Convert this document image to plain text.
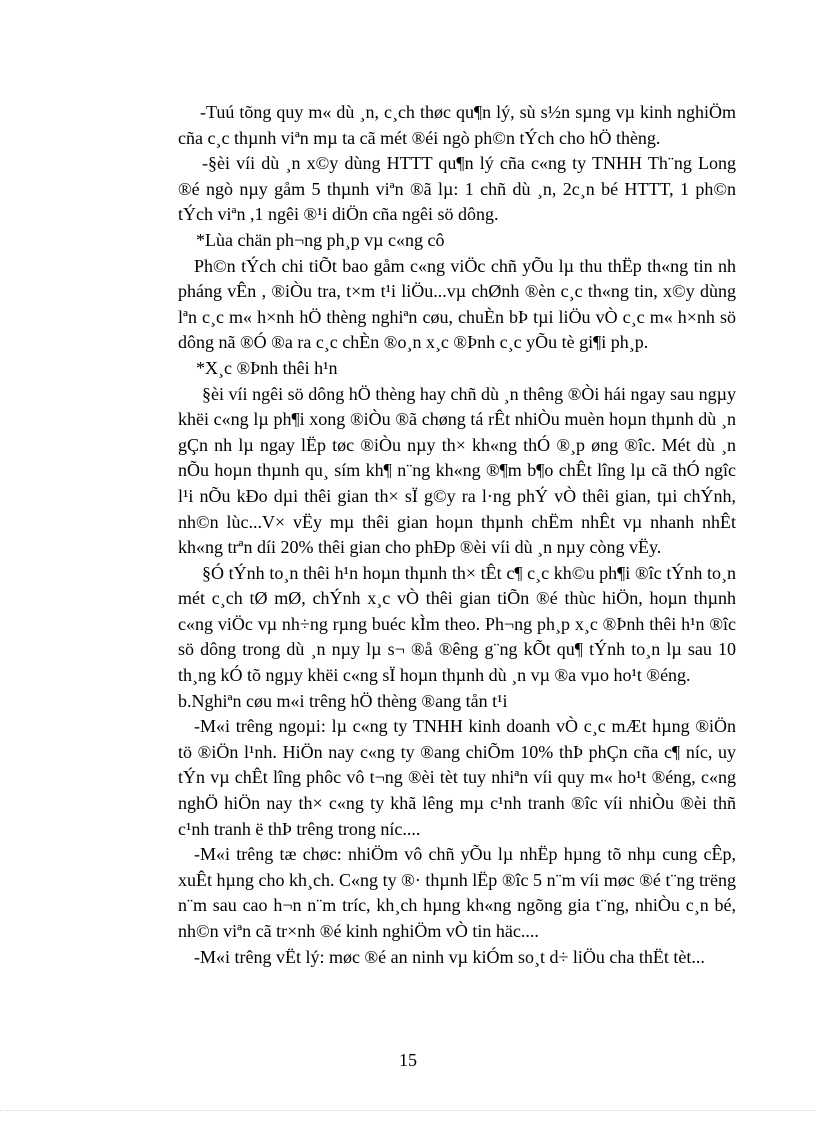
-Tuú tõng quy m« dù ¸n, c¸ch thøc qu¶n lý, sù s½n sµng vµ kinh nghiÖm cña c¸c thµnh viªn mµ ta cã mét ®éi ngò ph©n tÝch cho hÖ thèng.

-§èi víi dù ¸n x©y dùng HTTT qu¶n lý cña c«ng ty TNHH Th¨ng Long ®é ngò nµy gåm 5 thµnh viªn ®ã lµ: 1 chñ dù ¸n, 2c¸n bé HTTT, 1 ph©n tÝch viªn ,1 ngêi ®¹i diÖn cña ngêi sö dông.

*Lùa chän ph¬ng ph¸p vµ c«ng cô

Ph©n tÝch chi tiÕt bao gåm c«ng viÖc chñ yÕu lµ thu thËp th«ng tin nh pháng vÊn , ®iÒu tra, t×m t¹i liÖu...vµ chØnh ®èn c¸c th«ng tin, x©y dùng lªn c¸c m« h×nh hÖ thèng nghiªn cøu, chuÈn bÞ tµi liÖu vÒ c¸c m« h×nh sö dông nã ®Ó ®a ra c¸c chÈn ®o¸n x¸c ®Þnh c¸c yÕu tè gi¶i ph¸p.

*X¸c ®Þnh thêi h¹n

§èi víi ngêi sö dông hÖ thèng hay chñ dù ¸n thêng ®Òi hái ngay sau ngµy khëi c«ng lµ ph¶i xong ®iÒu ®ã chøng tá rÊt nhiÒu muèn hoµn thµnh dù ¸n gÇn nh lµ ngay lËp tøc ®iÒu nµy th× kh«ng thÓ ®¸p øng ®îc. Mét dù ¸n nÕu hoµn thµnh qu¸ sím kh¶ n¨ng kh«ng ®¶m b¶o chÊt lîng lµ cã thÓ ngîc l¹i nÕu kÐo dµi thêi gian th× sÏ g©y ra l·ng phÝ vÒ thêi gian, tµi chÝnh, nh©n lùc...V× vËy mµ thêi gian hoµn thµnh chËm nhÊt vµ nhanh nhÊt kh«ng trªn díi 20% thêi gian cho phÐp ®èi víi dù ¸n nµy còng vËy.

§Ó tÝnh to¸n thêi h¹n hoµn thµnh th× tÊt c¶ c¸c kh©u ph¶i ®îc tÝnh to¸n mét c¸ch tØ mØ, chÝnh x¸c vÒ thêi gian tiÕn ®é thùc hiÖn, hoµn thµnh c«ng viÖc vµ nh÷ng rµng buéc kÌm theo. Ph¬ng ph¸p x¸c ®Þnh thêi h¹n ®îc sö dông trong dù ¸n nµy lµ s¬ ®å ®êng g¨ng kÕt qu¶ tÝnh to¸n lµ sau 10 th¸ng kÓ tõ ngµy khëi c«ng sÏ hoµn thµnh dù ¸n vµ ®a vµo ho¹t ®éng.

b.Nghiªn cøu m«i trêng hÖ thèng ®ang tån t¹i

-M«i trêng ngoµi: lµ c«ng ty TNHH kinh doanh vÒ c¸c mÆt hµng ®iÖn tö ®iÖn l¹nh. HiÖn nay c«ng ty ®ang chiÕm 10% thÞ phÇn cña c¶ níc, uy tÝn vµ chÊt lîng phôc vô t¬ng ®èi tèt tuy nhiªn víi quy m« ho¹t ®éng, c«ng nghÖ hiÖn nay th× c«ng ty khã lêng mµ c¹nh tranh ®îc víi nhiÒu ®èi thñ c¹nh tranh ë thÞ trêng trong níc....

-M«i trêng tæ chøc: nhiÖm vô chñ yÕu lµ nhËp hµng tõ nhµ cung cÊp, xuÊt hµng cho kh¸ch. C«ng ty ®· thµnh lËp ®îc 5 n¨m víi møc ®é t¨ng trëng n¨m sau cao h¬n n¨m tríc, kh¸ch hµng kh«ng ngõng gia t¨ng, nhiÒu c¸n bé, nh©n viªn cã tr×nh ®é kinh nghiÖm vÒ tin häc....

-M«i trêng vËt lý: møc ®é an ninh vµ kiÓm so¸t d÷ liÖu cha thËt tèt...

15
